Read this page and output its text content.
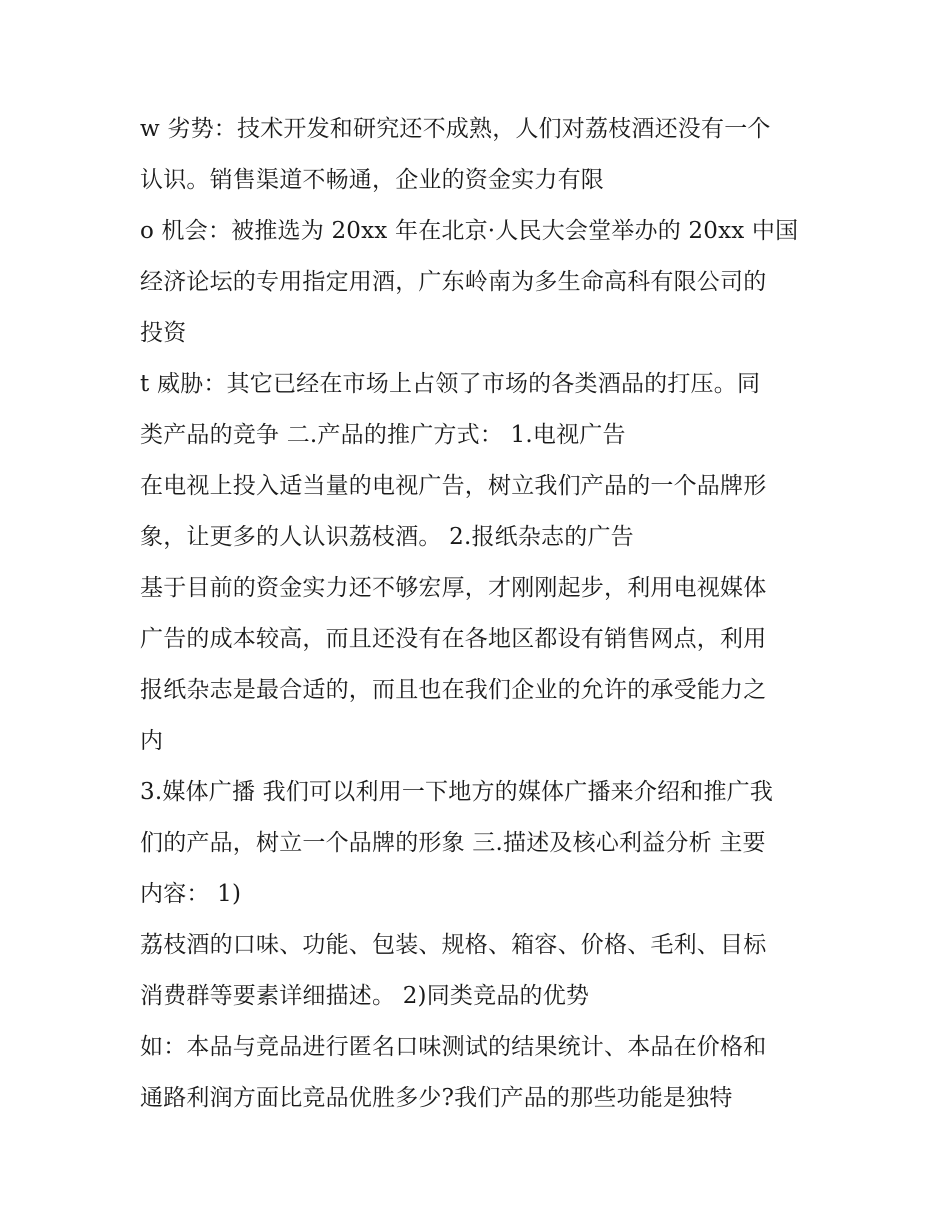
w 劣势：技术开发和研究还不成熟，人们对荔枝酒还没有一个

认识。销售渠道不畅通，企业的资金实力有限

o 机会：被推选为 20xx 年在北京·人民大会堂举办的 20xx 中国

经济论坛的专用指定用酒，广东岭南为多生命高科有限公司的

投资

t 威胁：其它已经在市场上占领了市场的各类酒品的打压。同

类产品的竞争 二.产品的推广方式： 1.电视广告

在电视上投入适当量的电视广告，树立我们产品的一个品牌形

象，让更多的人认识荔枝酒。 2.报纸杂志的广告

基于目前的资金实力还不够宏厚，才刚刚起步，利用电视媒体

广告的成本较高，而且还没有在各地区都设有销售网点，利用

报纸杂志是最合适的，而且也在我们企业的允许的承受能力之

内

3.媒体广播 我们可以利用一下地方的媒体广播来介绍和推广我

们的产品，树立一个品牌的形象 三.描述及核心利益分析 主要

内容： 1)

荔枝酒的口味、功能、包装、规格、箱容、价格、毛利、目标

消费群等要素详细描述。 2)同类竞品的优势

如：本品与竞品进行匿名口味测试的结果统计、本品在价格和

通路利润方面比竞品优胜多少?我们产品的那些功能是独特
